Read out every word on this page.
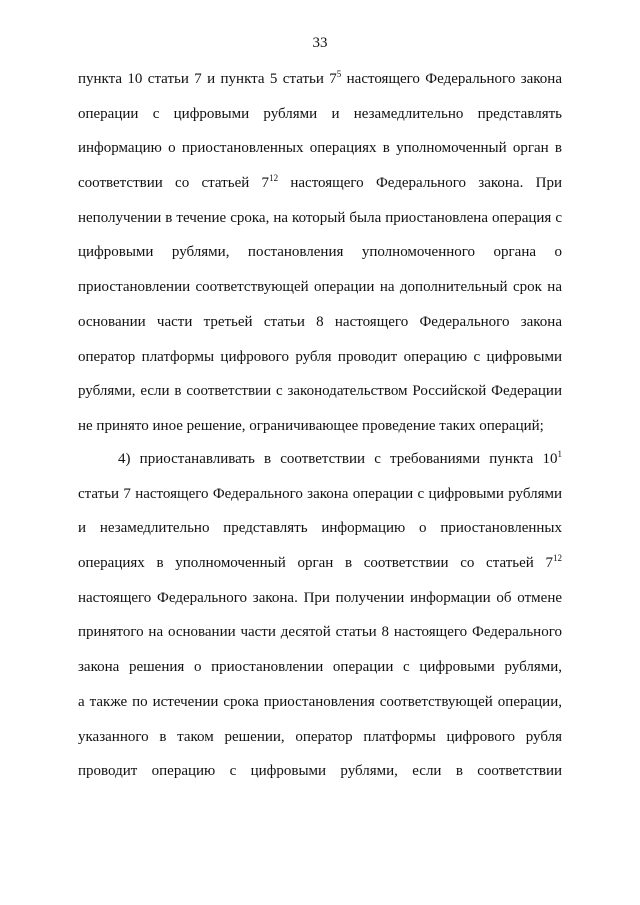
33
пункта 10 статьи 7 и пункта 5 статьи $7^5$ настоящего Федерального закона
операции с цифровыми рублями и незамедлительно представлять
информацию о приостановленных операциях в уполномоченный орган в
соответствии со статьей $7^{12}$ настоящего Федерального закона. При
неполучении в течение срока, на который была приостановлена операция с
цифровыми рублями, постановления уполномоченного органа о
приостановлении соответствующей операции на дополнительный срок на
основании части третьей статьи 8 настоящего Федерального закона
оператор платформы цифрового рубля проводит операцию с цифровыми
рублями, если в соответствии с законодательством Российской Федерации
не принято иное решение, ограничивающее проведение таких операций;
4) приостанавливать в соответствии с требованиями пункта $10^1$
статьи 7 настоящего Федерального закона операции с цифровыми рублями
и незамедлительно представлять информацию о приостановленных
операциях в уполномоченный орган в соответствии со статьей $7^{12}$
настоящего Федерального закона. При получении информации об отмене
принятого на основании части десятой статьи 8 настоящего Федерального
закона решения о приостановлении операции с цифровыми рублями,
а также по истечении срока приостановления соответствующей операции,
указанного в таком решении, оператор платформы цифрового рубля
проводит операцию с цифровыми рублями, если в соответствии
